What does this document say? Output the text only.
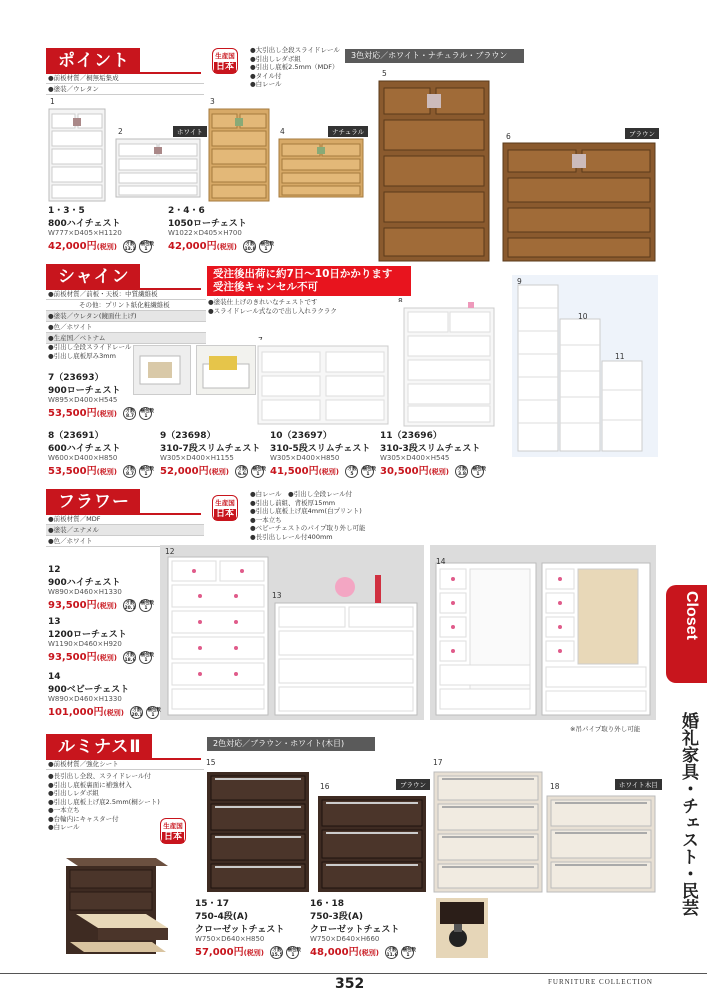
ポイント
●前板材質／桐無垢集成
●塗装／ウレタン
生産国
日本
●大引出し全段スライドレール
●引出しレダボ組
●引出し底板2.5mm（MDF）
●タイル付
●白レール
3色対応／ホワイト・ナチュラル・ブラウン
1
2	ホワイト
3
4	ナチュラル
5
6	ブラウン
1・3・5
800ハイチェスト
W777×D405×H1120
42,000円(税別) 才数
13.1梱包数
1
2・4・6
1050ローチェスト
W1022×D405×H700
42,000円(税別) 才数
10.8梱包数
1
シャイン
●前板材質／前板・天板：中質繊維板
その他：プリント紙化粧繊維板
●塗装／ウレタン(鏡面仕上げ)
●色／ホワイト
●生産国／ベトナム
●引出し全段スライドレール
●引出し底板厚み3mm
受注後出荷に約7日〜10日かかります
受注後キャンセル不可
●塗装仕上げのきれいなチェストです
●スライドレール式なので出し入れラクラク
9
10
11
7（23693）
900ローチェスト
W895×D400×H545
53,500円(税別) 才数
8.7梱包数
1
8（23691）
600ハイチェスト
W600×D400×H850
53,500円(税別) 才数
8.7梱包数
1
9（23698）
310-7段スリムチェスト
W305×D400×H1155
52,000円(税別) 才数
6.6梱包数
1
10（23697）
310-5段スリムチェスト
W305×D400×H850
41,500円(税別) 才数
5梱包数
1
11（23696）
310-3段スリムチェスト
W305×D400×H545
30,500円(税別) 才数
3.8梱包数
1
フラワー
●前板材質／MDF
●塗装／エナメル
●色／ホワイト
生産国
日本
●白レール　●引出し全段レール付
●引出し前組、背板厚15mm
●引出し底板上げ底4mm(白プリント)
●一本立ち
●ベビーチェストのパイプ取り外し可能
●長引出しレール付400mm
12
13
14
※吊パイプ取り外し可能
12
900ハイチェスト
W890×D460×H1330
93,500円(税別) 才数
20.1梱包数
1
13
1200ローチェスト
W1190×D460×H920
93,500円(税別) 才数
18.6梱包数
1
14
900ベビーチェスト
W890×D460×H1330
101,000円(税別) 才数
20.1梱包数
1
ルミナスⅡ
●前板材質／強化シート
●長引出し全段、スライドレール付
●引出し底板裏面に補強材入
●引出しレダボ組
●引出し底板上げ底2.5mm(桐シート)
●一本立ち
●台輪内にキャスター付
●白レール	生産国
日本
2色対応／ブラウン・ホワイト(木目)
15
16	ブラウン
17
18	ホワイト木目
15・17
750-4段(A)
クローゼットチェスト
W750×D640×H850
57,000円(税別) 才数
15.5梱包数
1
16・18
750-3段(A)
クローゼットチェスト
W750×D640×H660
48,000円(税別) 才数
11.6梱包数
1
Closet
婚礼家具・チェスト・民芸
352	FURNITURE COLLECTION
